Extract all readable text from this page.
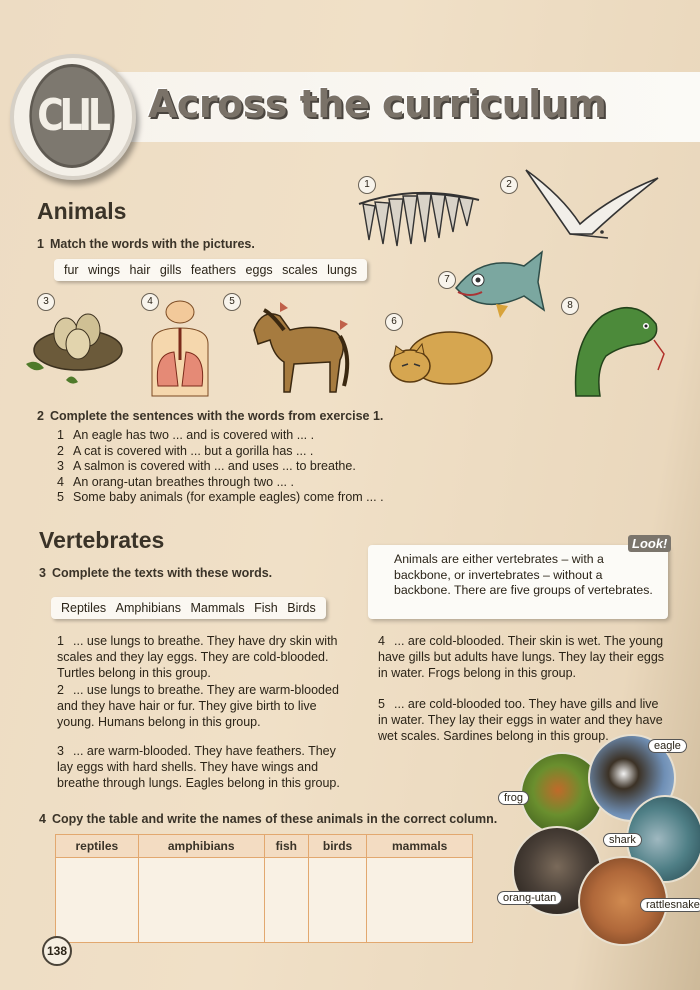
CLIL Across the curriculum
Animals
1 Match the words with the pictures.
fur wings hair gills feathers eggs scales lungs
1	2
3	4	5
6
7
8
2 Complete the sentences with the words from exercise 1.
1 An eagle has two ... and is covered with ... .
2 A cat is covered with ... but a gorilla has ... .
3 A salmon is covered with ... and uses ... to breathe.
4 An orang-utan breathes through two ... .
5 Some baby animals (for example eagles) come from ... .
Vertebrates
3 Complete the texts with these words.
Reptiles Amphibians Mammals Fish Birds
Look!
Animals are either vertebrates – with a backbone, or invertebrates – without a backbone. There are five groups of vertebrates.
1 ... use lungs to breathe. They have dry skin with scales and they lay eggs. They are cold-blooded. Turtles belong in this group.
2 ... use lungs to breathe. They are warm-blooded and they have hair or fur. They give birth to live young. Humans belong in this group.
3 ... are warm-blooded. They have feathers. They lay eggs with hard shells. They have wings and breathe through lungs. Eagles belong in this group.
4 ... are cold-blooded. Their skin is wet. The young have gills but adults have lungs. They lay their eggs in water. Frogs belong in this group.
5 ... are cold-blooded too. They have gills and live in water. They lay their eggs in water and they have wet scales. Sardines belong in this group.
4 Copy the table and write the names of these animals in the correct column.
reptiles	amphibians	fish	birds	mammals

frog
eagle
shark
orang-utan
rattlesnake
138
